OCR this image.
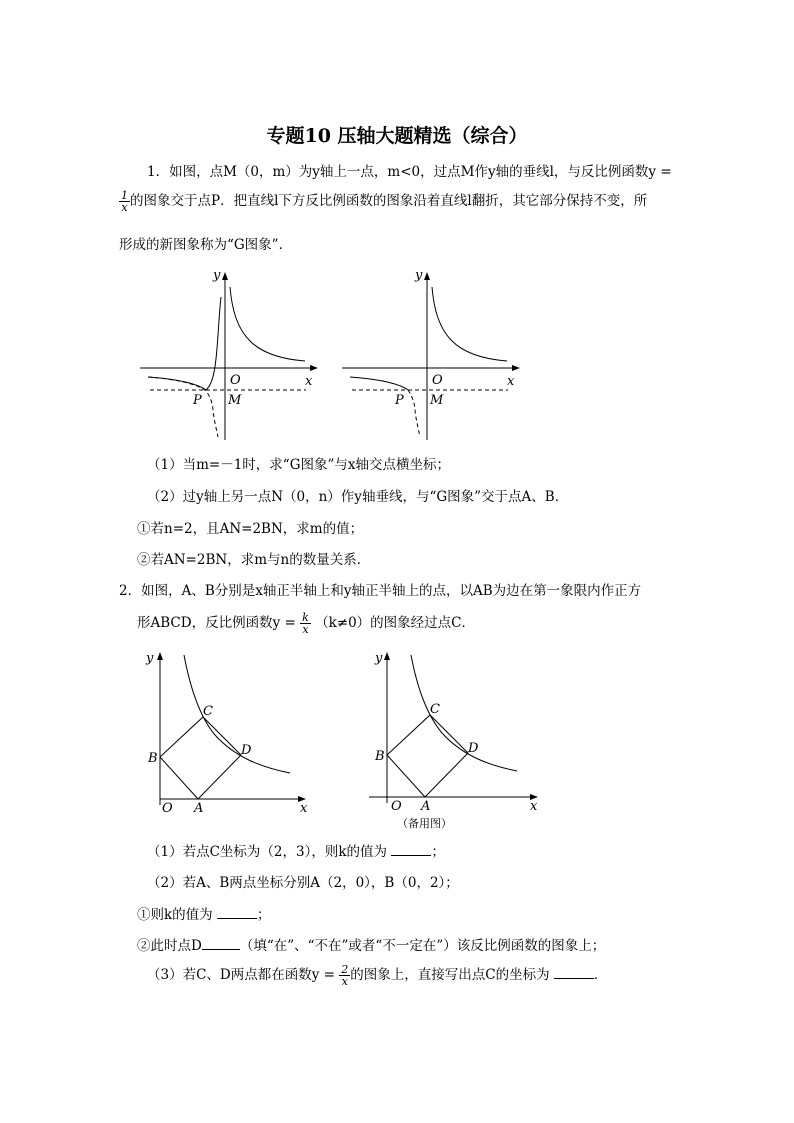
专题10 压轴大题精选（综合）
1．如图，点M（0，m）为y轴上一点，m<0，过点M作y轴的垂线l，与反比例函数y =
$\frac{1}{x}$ 的图象交于点P．把直线l下方反比例函数的图象沿着直线l翻折，其它部分保持不变，所
形成的新图象称为“G图象”．
y
x
O
P M
y
x
O
P M
（1）当m=－1时，求“G图象”与x轴交点横坐标；
（2）过y轴上另一点N（0，n）作y轴垂线，与“G图象”交于点A、B．
①若n=2，且AN=2BN，求m的值；
②若AN=2BN，求m与n的数量关系．
2．如图，A、B分别是x轴正半轴上和y轴正半轴上的点，以AB为边在第一象限内作正方
形ABCD，反比例函数$y = \frac{k}{x} (k\ne 0)$的图象经过点C．
y
x
O A
B
C
D
y
x
O A
B
C
D
（备用图）
（1）若点C坐标为（2，3），则k的值为	；
（2）若A、B两点坐标分别A（2，0），B（0，2）；
①则k的值为	；
②此时点D	（填“在”、“不在”或者“不一定在”）该反比例函数的图象上；
（3）若C、D两点都在函数$y = \frac{2}{x}$ 的图象上，直接写出点C的坐标为	．
